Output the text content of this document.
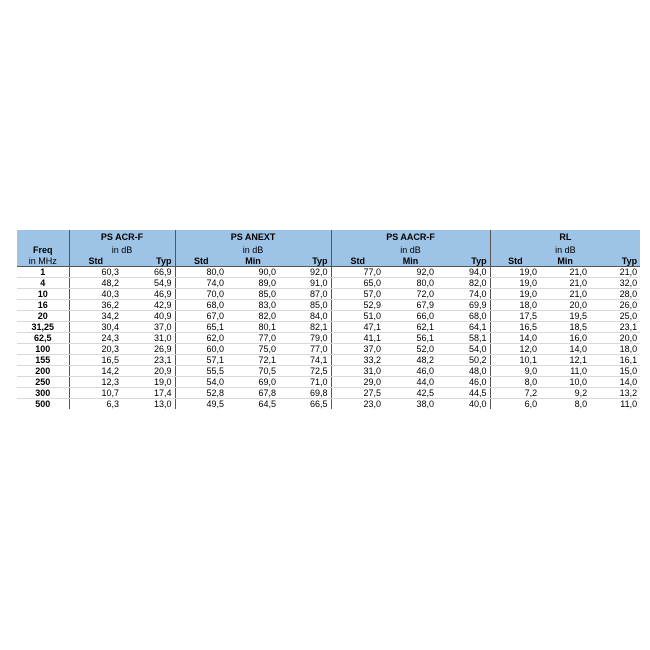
	PS ACR-F		PS ANEXT			PS AACR-F			RL		
Freq	in dB		in dB			in dB			in dB		
in MHz	Std	Typ	Std	Min	Typ	Std	Min	Typ	Std	Min	Typ
1	60,3	66,9	80,0	90,0	92,0	77,0	92,0	94,0	19,0	21,0	21,0
4	48,2	54,9	74,0	89,0	91,0	65,0	80,0	82,0	19,0	21,0	32,0
10	40,3	46,9	70,0	85,0	87,0	57,0	72,0	74,0	19,0	21,0	28,0
16	36,2	42,9	68,0	83,0	85,0	52,9	67,9	69,9	18,0	20,0	26,0
20	34,2	40,9	67,0	82,0	84,0	51,0	66,0	68,0	17,5	19,5	25,0
31,25	30,4	37,0	65,1	80,1	82,1	47,1	62,1	64,1	16,5	18,5	23,1
62,5	24,3	31,0	62,0	77,0	79,0	41,1	56,1	58,1	14,0	16,0	20,0
100	20,3	26,9	60,0	75,0	77,0	37,0	52,0	54,0	12,0	14,0	18,0
155	16,5	23,1	57,1	72,1	74,1	33,2	48,2	50,2	10,1	12,1	16,1
200	14,2	20,9	55,5	70,5	72,5	31,0	46,0	48,0	9,0	11,0	15,0
250	12,3	19,0	54,0	69,0	71,0	29,0	44,0	46,0	8,0	10,0	14,0
300	10,7	17,4	52,8	67,8	69,8	27,5	42,5	44,5	7,2	9,2	13,2
500	6,3	13,0	49,5	64,5	66,5	23,0	38,0	40,0	6,0	8,0	11,0
